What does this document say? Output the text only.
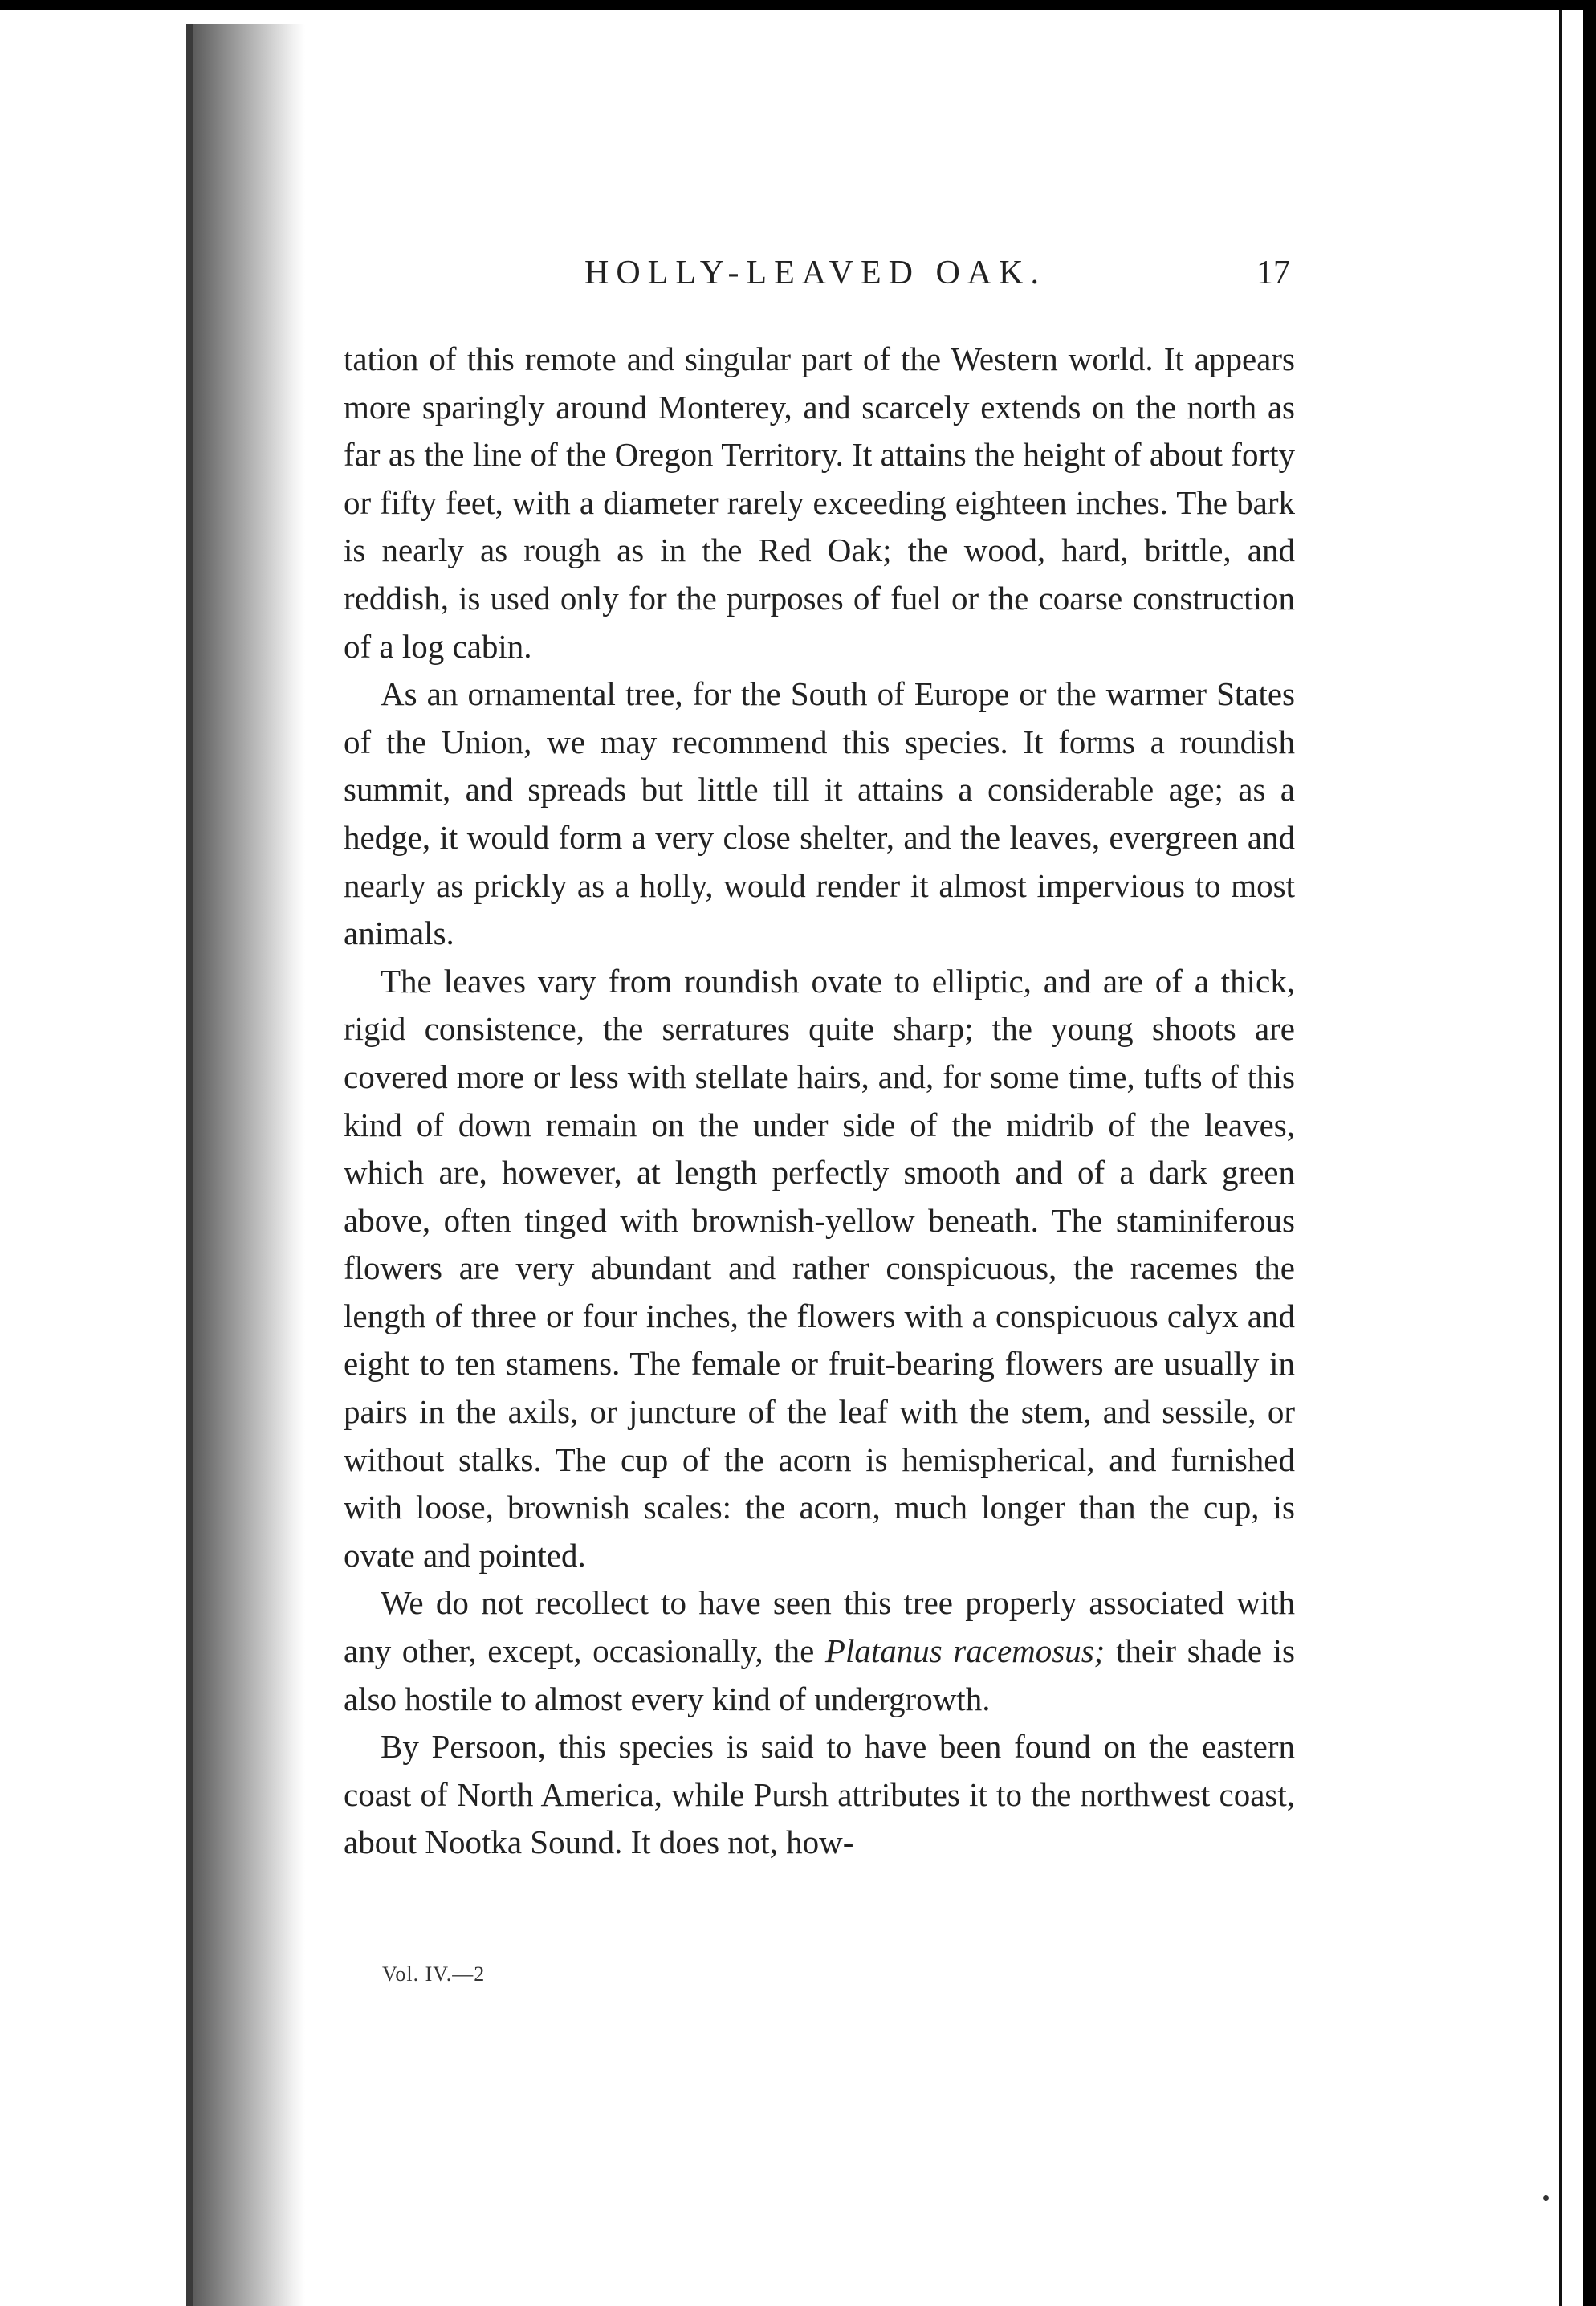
HOLLY-LEAVED OAK.	17

tation of this remote and singular part of the Western world. It appears more sparingly around Monterey, and scarcely extends on the north as far as the line of the Oregon Territory. It attains the height of about forty or fifty feet, with a diameter rarely exceeding eighteen inches. The bark is nearly as rough as in the Red Oak; the wood, hard, brittle, and reddish, is used only for the purposes of fuel or the coarse construction of a log cabin.

As an ornamental tree, for the South of Europe or the warmer States of the Union, we may recommend this species. It forms a roundish summit, and spreads but little till it attains a considerable age; as a hedge, it would form a very close shelter, and the leaves, evergreen and nearly as prickly as a holly, would render it almost impervious to most animals.

The leaves vary from roundish ovate to elliptic, and are of a thick, rigid consistence, the serratures quite sharp; the young shoots are covered more or less with stellate hairs, and, for some time, tufts of this kind of down remain on the under side of the midrib of the leaves, which are, however, at length perfectly smooth and of a dark green above, often tinged with brownish-yellow beneath. The staminiferous flowers are very abundant and rather conspicuous, the racemes the length of three or four inches, the flowers with a conspicuous calyx and eight to ten stamens. The female or fruit-bearing flowers are usually in pairs in the axils, or juncture of the leaf with the stem, and sessile, or without stalks. The cup of the acorn is hemispherical, and furnished with loose, brownish scales: the acorn, much longer than the cup, is ovate and pointed.

We do not recollect to have seen this tree properly associated with any other, except, occasionally, the Platanus racemosus; their shade is also hostile to almost every kind of undergrowth.

By Persoon, this species is said to have been found on the eastern coast of North America, while Pursh attributes it to the northwest coast, about Nootka Sound. It does not, how-

Vol. IV.—2
